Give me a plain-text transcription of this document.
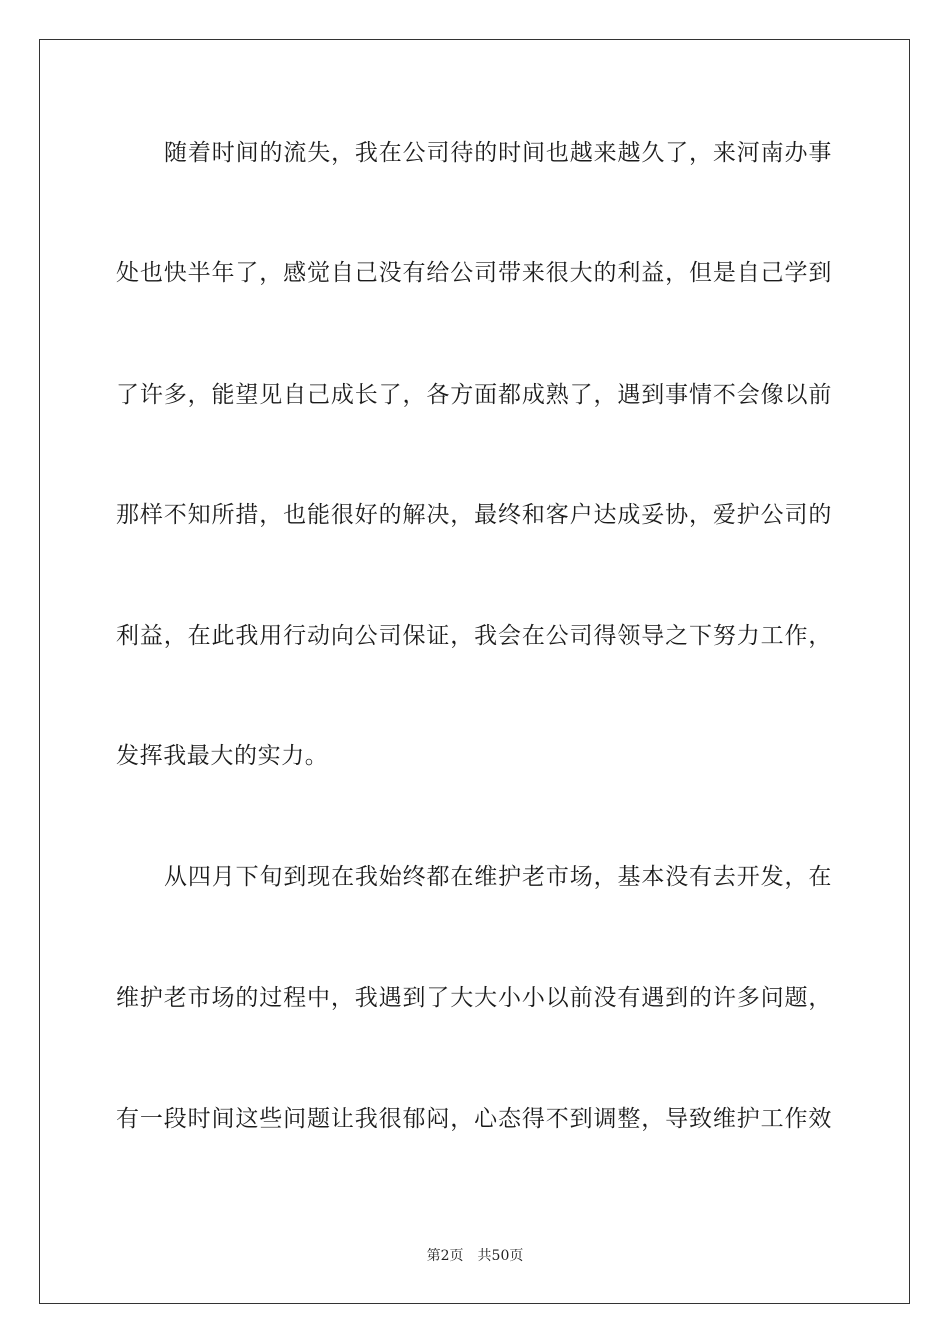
随着时间的流失，我在公司待的时间也越来越久了，来河南办事
处也快半年了，感觉自己没有给公司带来很大的利益，但是自己学到
了许多，能望见自己成长了，各方面都成熟了，遇到事情不会像以前
那样不知所措，也能很好的解决，最终和客户达成妥协，爱护公司的
利益，在此我用行动向公司保证，我会在公司得领导之下努力工作，
发挥我最大的实力。
从四月下旬到现在我始终都在维护老市场，基本没有去开发，在
维护老市场的过程中，我遇到了大大小小以前没有遇到的许多问题，
有一段时间这些问题让我很郁闷，心态得不到调整，导致维护工作效
第2页 共50页
